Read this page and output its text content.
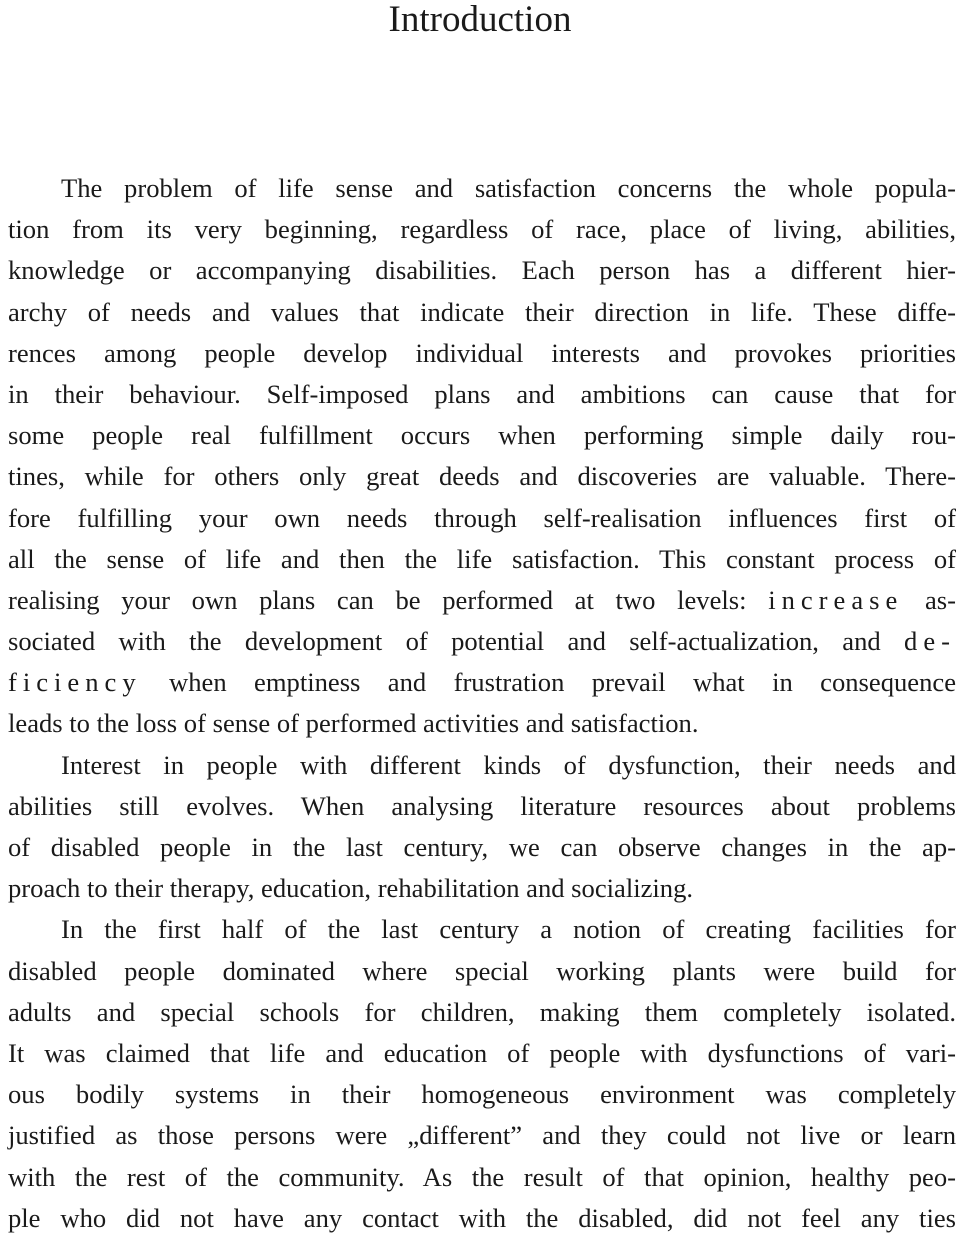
Introduction
The problem of life sense and satisfaction concerns the whole popula-
tion from its very beginning, regardless of race, place of living, abilities,
knowledge or accompanying disabilities. Each person has a different hier-
archy of needs and values that indicate their direction in life. These diffe-
rences among people develop individual interests and provokes priorities
in their behaviour. Self-imposed plans and ambitions can cause that for
some people real fulfillment occurs when performing simple daily rou-
tines, while for others only great deeds and discoveries are valuable. There-
fore fulfilling your own needs through self-realisation influences first of
all the sense of life and then the life satisfaction. This constant process of
realising your own plans can be performed at two levels: increase as-
sociated with the development of potential and self-actualization, and de-
ficiency when emptiness and frustration prevail what in consequence
leads to the loss of sense of performed activities and satisfaction.
Interest in people with different kinds of dysfunction, their needs and
abilities still evolves. When analysing literature resources about problems
of disabled people in the last century, we can observe changes in the ap-
proach to their therapy, education, rehabilitation and socializing.
In the first half of the last century a notion of creating facilities for
disabled people dominated where special working plants were build for
adults and special schools for children, making them completely isolated.
It was claimed that life and education of people with dysfunctions of vari-
ous bodily systems in their homogeneous environment was completely
justified as those persons were „different” and they could not live or learn
with the rest of the community. As the result of that opinion, healthy peo-
ple who did not have any contact with the disabled, did not feel any ties
